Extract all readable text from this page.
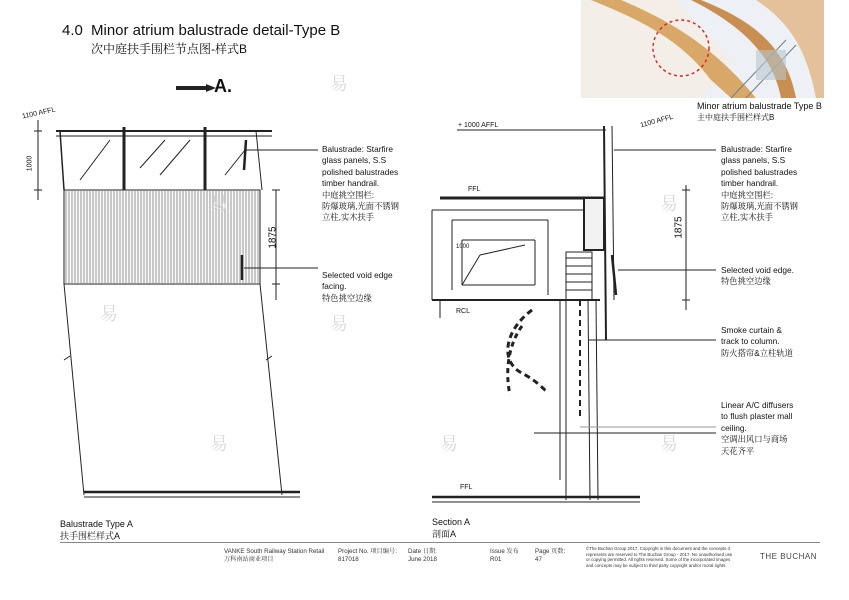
4.0 Minor atrium balustrade detail-Type B
次中庭扶手围栏节点图-样式B
Minor atrium balustrade Type B
主中庭扶手围栏样式B
A.
1100 AFFL
1000
1875
+ 1000 AFFL	1100 AFFL
FFL
FFL
RCL
1875
1000
Balustrade: Starfire
glass panels, S.S
polished balustrades
timber handrail.
中庭挑空围栏:
防爆玻璃,光面不锈钢
立柱,实木扶手
Selected void edge
facing.
特色挑空边缘
Balustrade: Starfire
glass panels, S.S
polished balustrades
timber handrail.
中庭挑空围栏:
防爆玻璃,光面不锈钢
立柱,实木扶手
Selected void edge.
特色挑空边缘
Smoke curtain &
track to column.
防火搭帘&立柱轨道
Linear A/C diffusers
to flush plaster mall
ceiling.
空调出风口与商场
天花齐平
Balustrade Type A
扶手围栏样式A
Section A
剖面A
VANKE South Railway Station Retail
万科南站商业项目
Project No. 项目编号:
817018
Date 日期:
June 2018
Issue 发布
R01
Page 页数:
47
©The Buchan Group 2017. Copyright in this document and the concepts it
represents are reserved to The Buchan Group - 2017. No unauthorised use
or copying permitted. All rights reserved. Some of the incorporated images
and concepts may be subject to third party copyright and/or moral rights.
THE BUCHAN
易
易	易
易	易	易
易	易
